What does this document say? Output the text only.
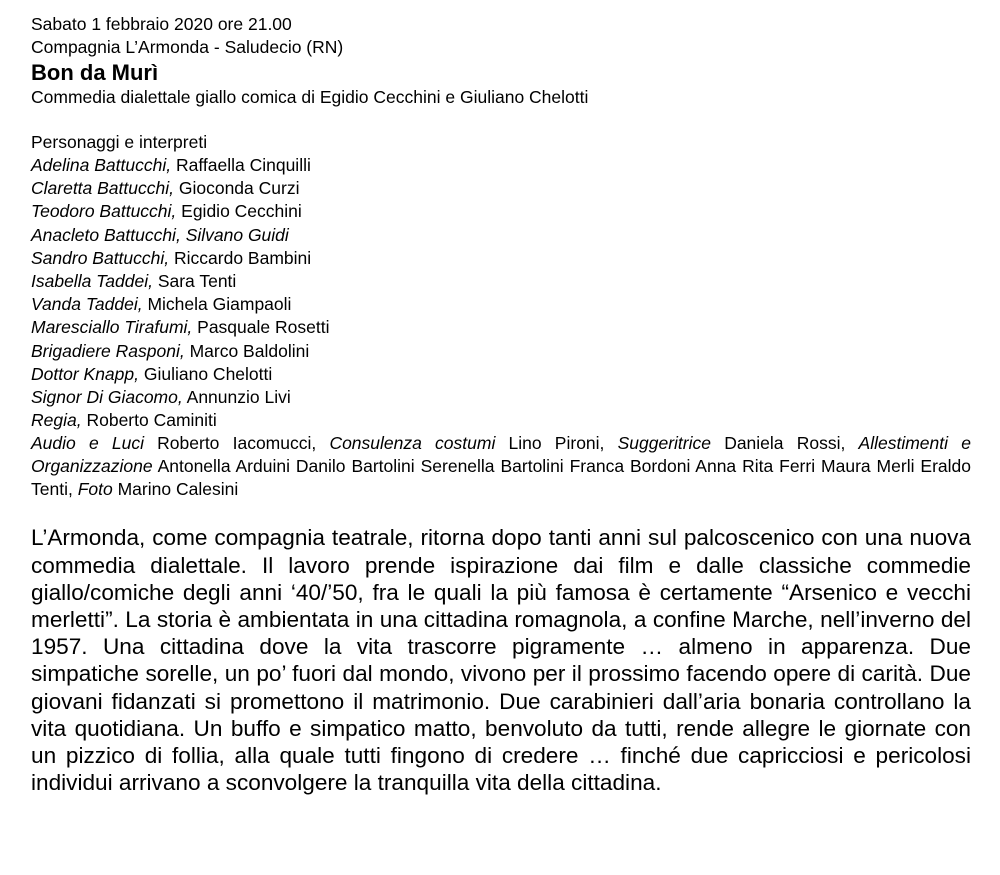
Sabato 1 febbraio 2020 ore 21.00
Compagnia L’Armonda - Saludecio (RN)
Bon da Murì
Commedia dialettale giallo comica di Egidio Cecchini e Giuliano Chelotti
Personaggi e interpreti
Adelina Battucchi, Raffaella Cinquilli
Claretta Battucchi, Gioconda Curzi
Teodoro Battucchi, Egidio Cecchini
Anacleto Battucchi, Silvano Guidi
Sandro Battucchi, Riccardo Bambini
Isabella Taddei, Sara Tenti
Vanda Taddei, Michela Giampaoli
Maresciallo Tirafumi, Pasquale Rosetti
Brigadiere Rasponi, Marco Baldolini
Dottor Knapp, Giuliano Chelotti
Signor Di Giacomo, Annunzio Livi
Regia, Roberto Caminiti
Audio e Luci Roberto Iacomucci, Consulenza costumi Lino Pironi, Suggeritrice Daniela Rossi, Allestimenti e Organizzazione Antonella Arduini Danilo Bartolini Serenella Bartolini Franca Bordoni Anna Rita Ferri Maura Merli Eraldo Tenti, Foto Marino Calesini
L’Armonda, come compagnia teatrale, ritorna dopo tanti anni sul palcoscenico con una nuova commedia dialettale. Il lavoro prende ispirazione dai film e dalle classiche commedie giallo/comiche degli anni ‘40/’50, fra le quali la più famosa è certamente “Arsenico e vecchi merletti”. La storia è ambientata in una cittadina romagnola, a confine Marche, nell’inverno del 1957. Una cittadina dove la vita trascorre pigramente … almeno in apparenza. Due simpatiche sorelle, un po’ fuori dal mondo, vivono per il prossimo facendo opere di carità. Due giovani fidanzati si promettono il matrimonio. Due carabinieri dall’aria bonaria controllano la vita quotidiana. Un buffo e simpatico matto, benvoluto da tutti, rende allegre le giornate con un pizzico di follia, alla quale tutti fingono di credere … finché due capricciosi e pericolosi individui arrivano a sconvolgere la tranquilla vita della cittadina.
